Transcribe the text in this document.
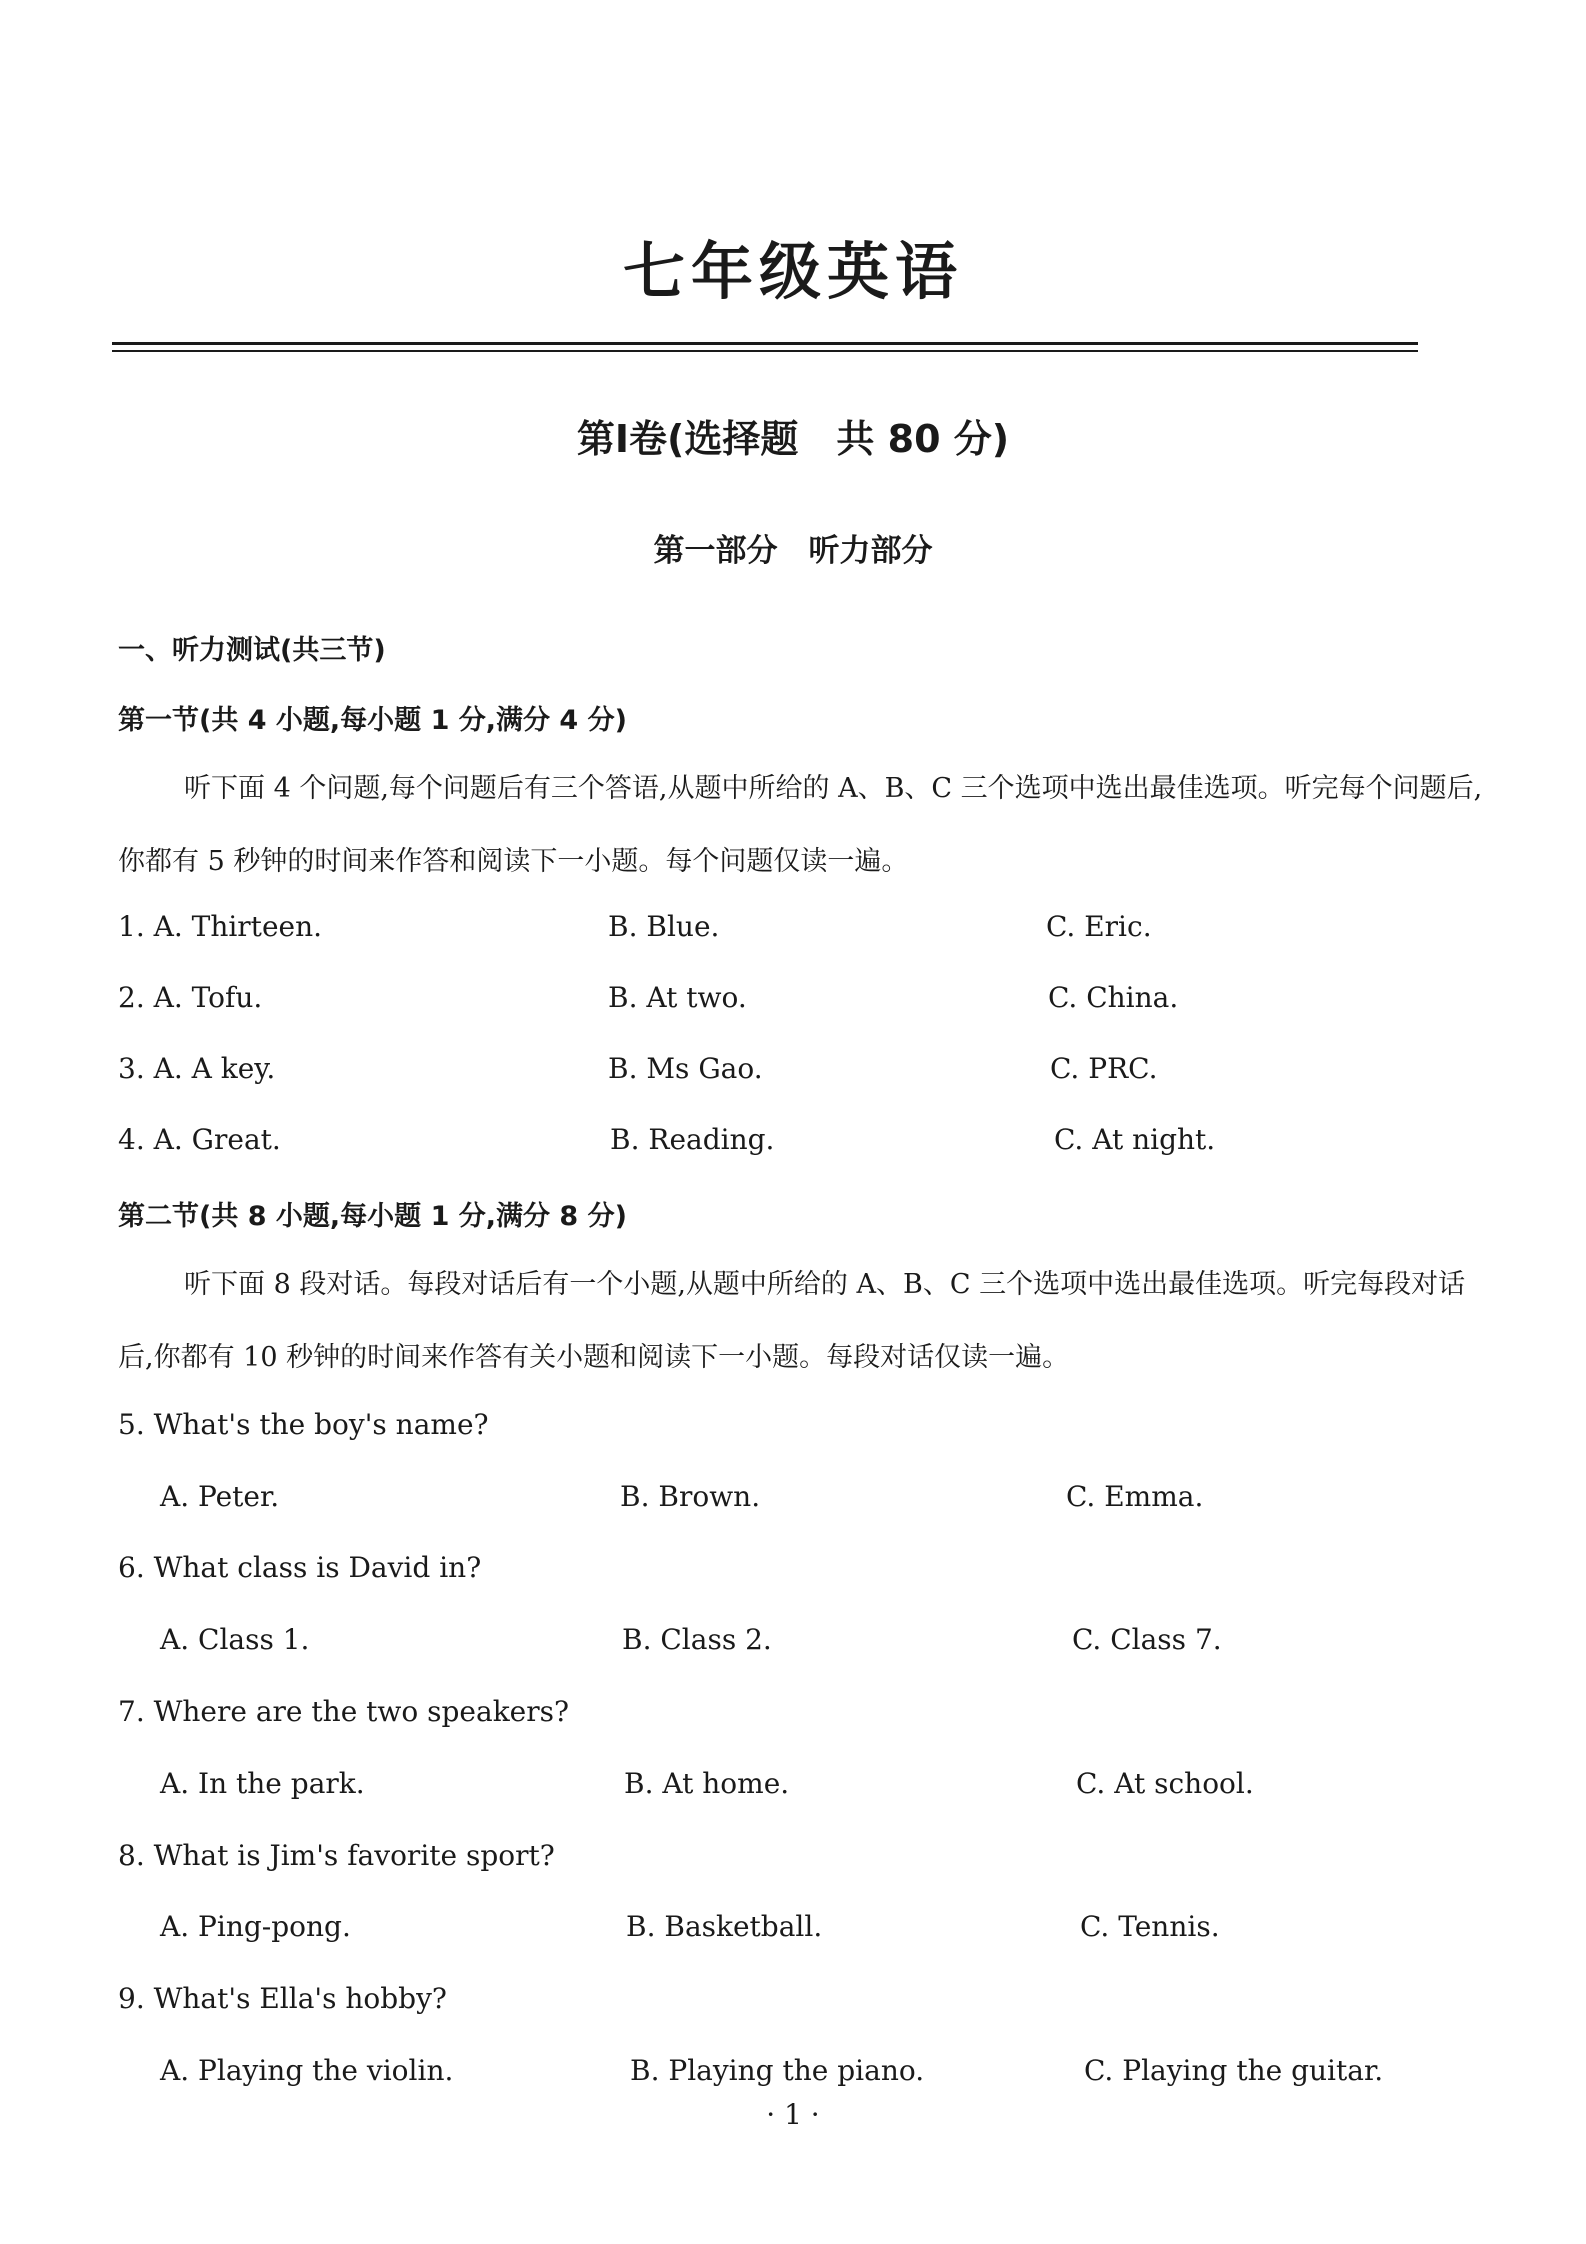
七年级英语
第Ⅰ卷(选择题　共 80 分)
第一部分　听力部分
一、听力测试(共三节)
第一节(共 4 小题,每小题 1 分,满分 4 分)
听下面 4 个问题,每个问题后有三个答语,从题中所给的 A、B、C 三个选项中选出最佳选项。听完每个问题后,你都有 5 秒钟的时间来作答和阅读下一小题。每个问题仅读一遍。
1. A. Thirteen.	B. Blue.	C. Eric.
2. A. Tofu.	B. At two.	C. China.
3. A. A key.	B. Ms Gao.	C. PRC.
4. A. Great.	B. Reading.	C. At night.
第二节(共 8 小题,每小题 1 分,满分 8 分)
听下面 8 段对话。每段对话后有一个小题,从题中所给的 A、B、C 三个选项中选出最佳选项。听完每段对话后,你都有 10 秒钟的时间来作答有关小题和阅读下一小题。每段对话仅读一遍。
5. What's the boy's name?
A. Peter.	B. Brown.	C. Emma.
6. What class is David in?
A. Class 1.	B. Class 2.	C. Class 7.
7. Where are the two speakers?
A. In the park.	B. At home.	C. At school.
8. What is Jim's favorite sport?
A. Ping-pong.	B. Basketball.	C. Tennis.
9. What's Ella's hobby?
A. Playing the violin.	B. Playing the piano.	C. Playing the guitar.
· 1 ·
